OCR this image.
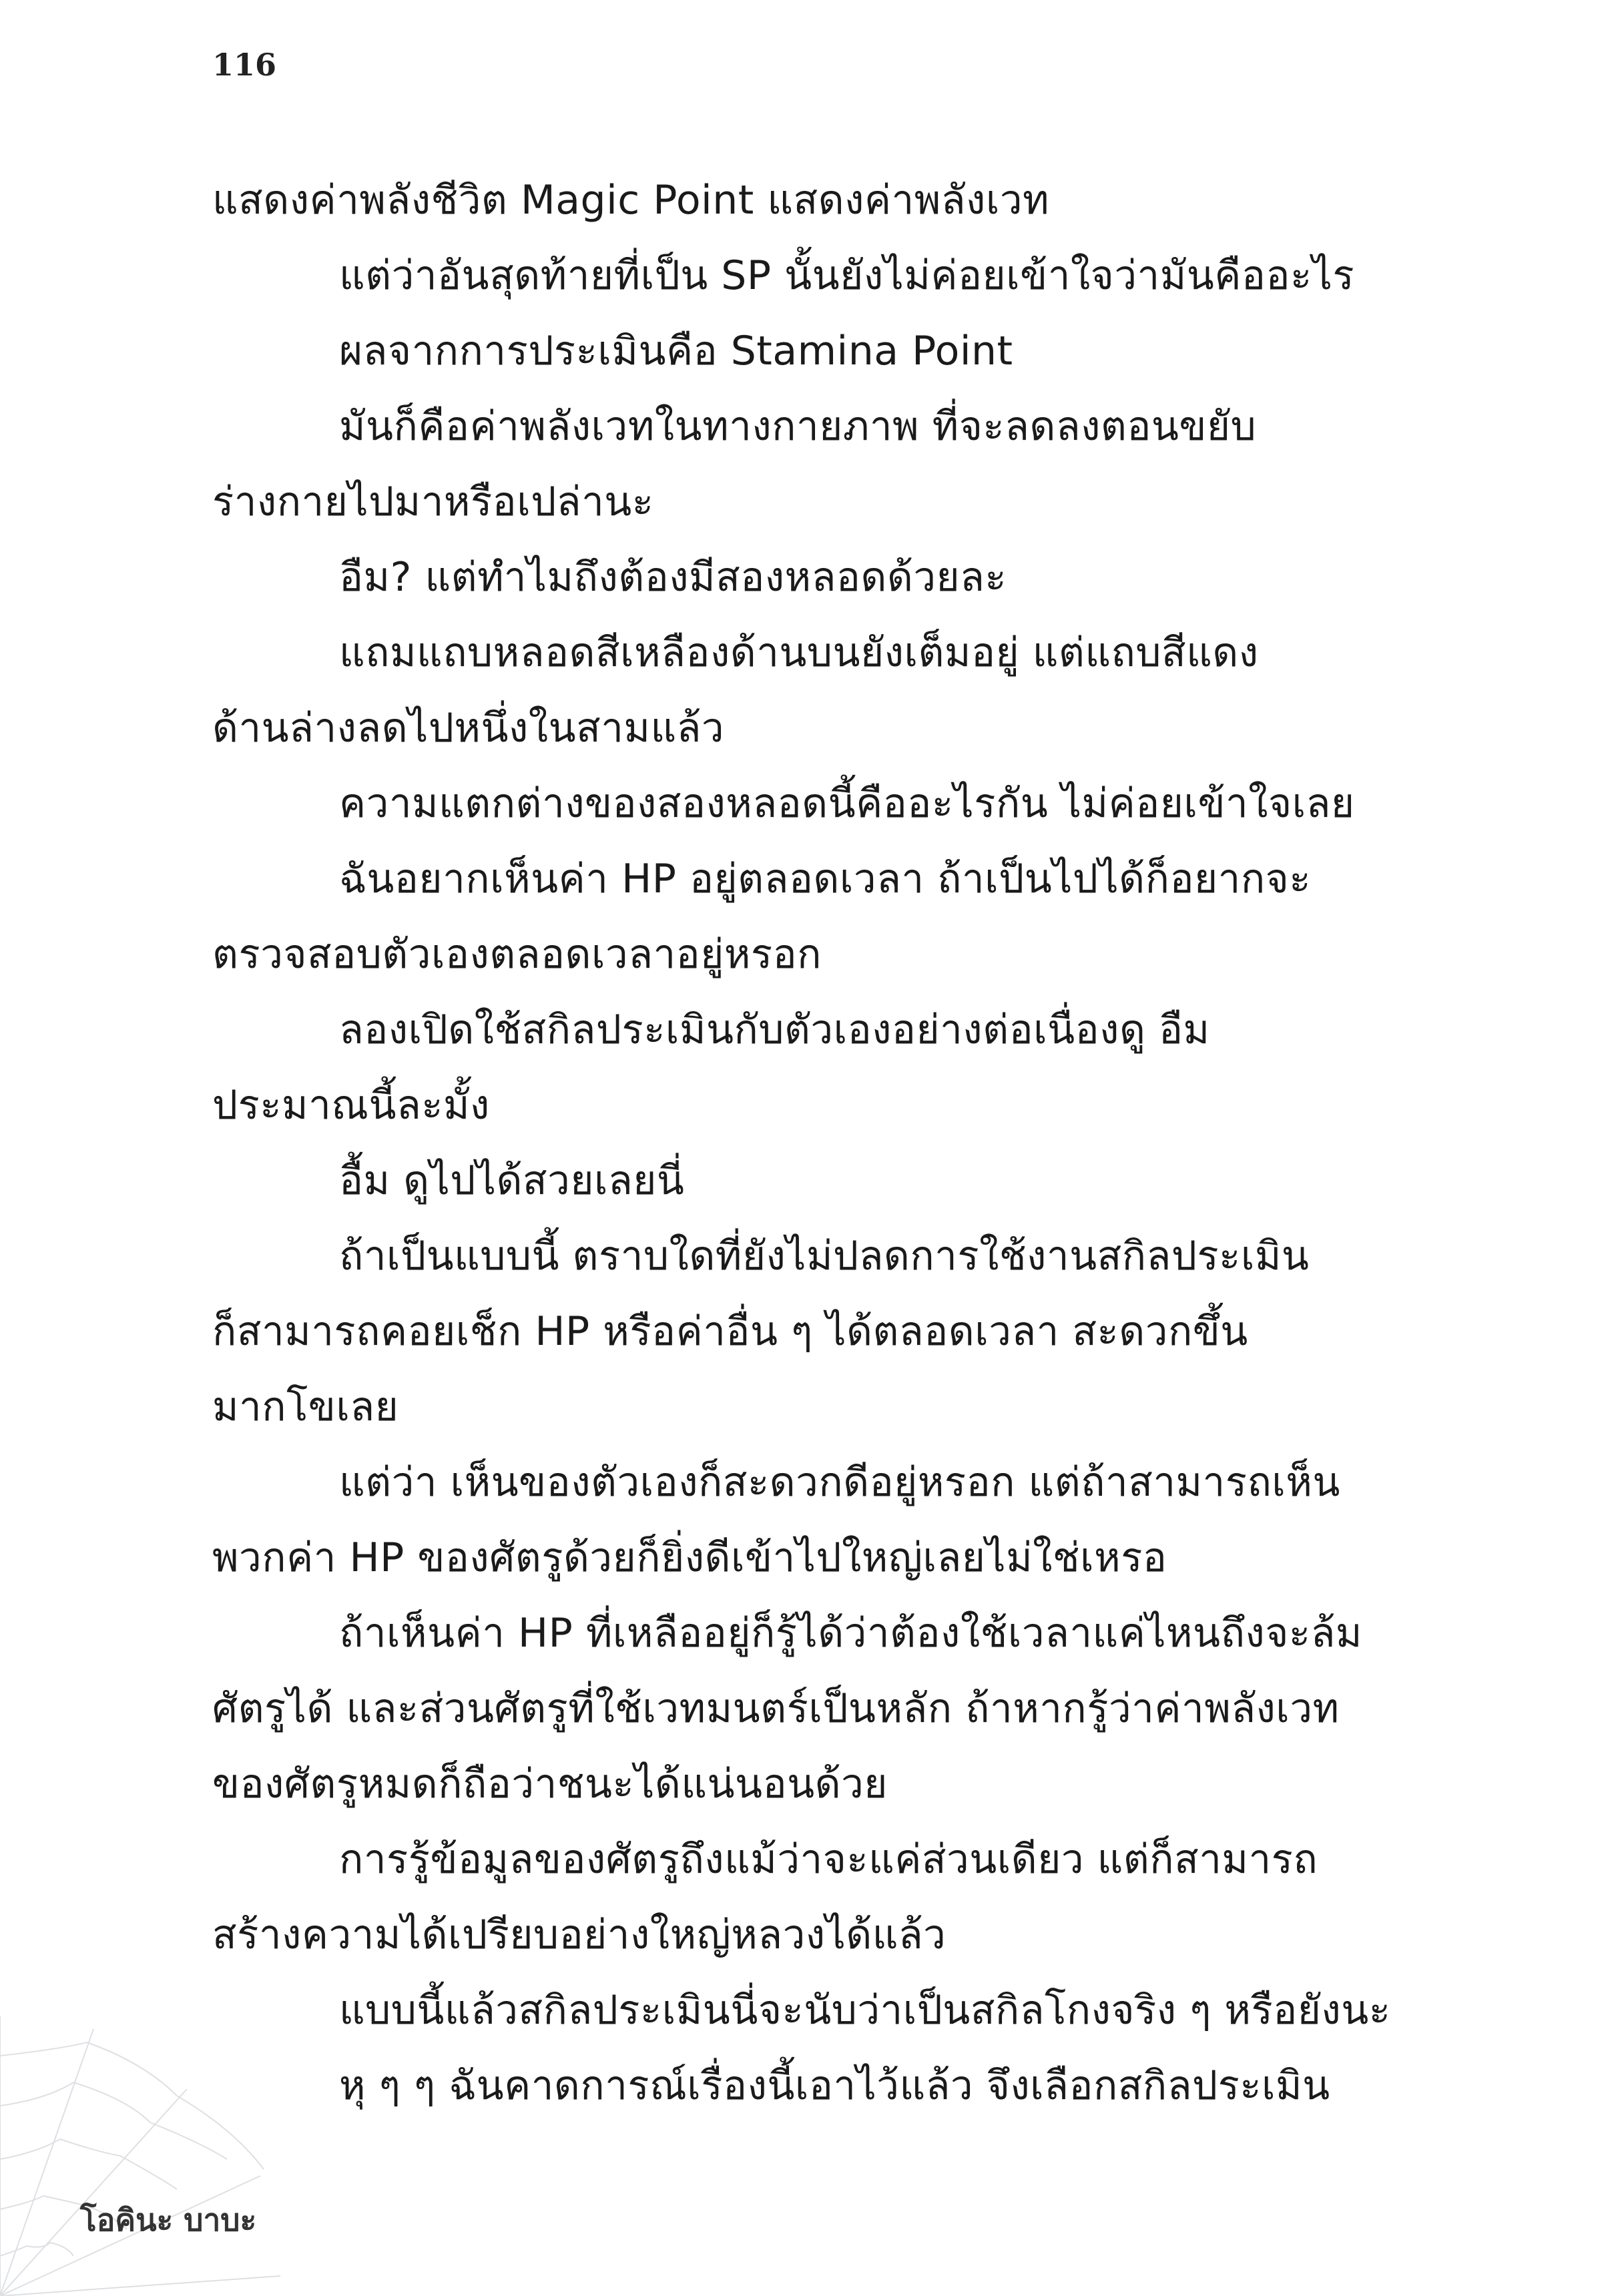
116
แสดงค่าพลังชีวิต Magic Point แสดงค่าพลังเวท
แต่ว่าอันสุดท้ายที่เป็น SP นั้นยังไม่ค่อยเข้าใจว่ามันคืออะไร
ผลจากการประเมินคือ Stamina Point
มันก็คือค่าพลังเวทในทางกายภาพ ที่จะลดลงตอนขยับ
ร่างกายไปมาหรือเปล่านะ
อืม? แต่ทำไมถึงต้องมีสองหลอดด้วยละ
แถมแถบหลอดสีเหลืองด้านบนยังเต็มอยู่ แต่แถบสีแดง
ด้านล่างลดไปหนึ่งในสามแล้ว
ความแตกต่างของสองหลอดนี้คืออะไรกัน ไม่ค่อยเข้าใจเลย
ฉันอยากเห็นค่า HP อยู่ตลอดเวลา ถ้าเป็นไปได้ก็อยากจะ
ตรวจสอบตัวเองตลอดเวลาอยู่หรอก
ลองเปิดใช้สกิลประเมินกับตัวเองอย่างต่อเนื่องดู อืม
ประมาณนี้ละมั้ง
อื้ม ดูไปได้สวยเลยนี่
ถ้าเป็นแบบนี้ ตราบใดที่ยังไม่ปลดการใช้งานสกิลประเมิน
ก็สามารถคอยเช็ก HP หรือค่าอื่น ๆ ได้ตลอดเวลา สะดวกขึ้น
มากโขเลย
แต่ว่า เห็นของตัวเองก็สะดวกดีอยู่หรอก แต่ถ้าสามารถเห็น
พวกค่า HP ของศัตรูด้วยก็ยิ่งดีเข้าไปใหญ่เลยไม่ใช่เหรอ
ถ้าเห็นค่า HP ที่เหลืออยู่ก็รู้ได้ว่าต้องใช้เวลาแค่ไหนถึงจะล้ม
ศัตรูได้ และส่วนศัตรูที่ใช้เวทมนตร์เป็นหลัก ถ้าหากรู้ว่าค่าพลังเวท
ของศัตรูหมดก็ถือว่าชนะได้แน่นอนด้วย
การรู้ข้อมูลของศัตรูถึงแม้ว่าจะแค่ส่วนเดียว แต่ก็สามารถ
สร้างความได้เปรียบอย่างใหญ่หลวงได้แล้ว
แบบนี้แล้วสกิลประเมินนี่จะนับว่าเป็นสกิลโกงจริง ๆ หรือยังนะ
หุ ๆ ๆ ฉันคาดการณ์เรื่องนี้เอาไว้แล้ว จึงเลือกสกิลประเมิน
โอคินะ บาบะ
